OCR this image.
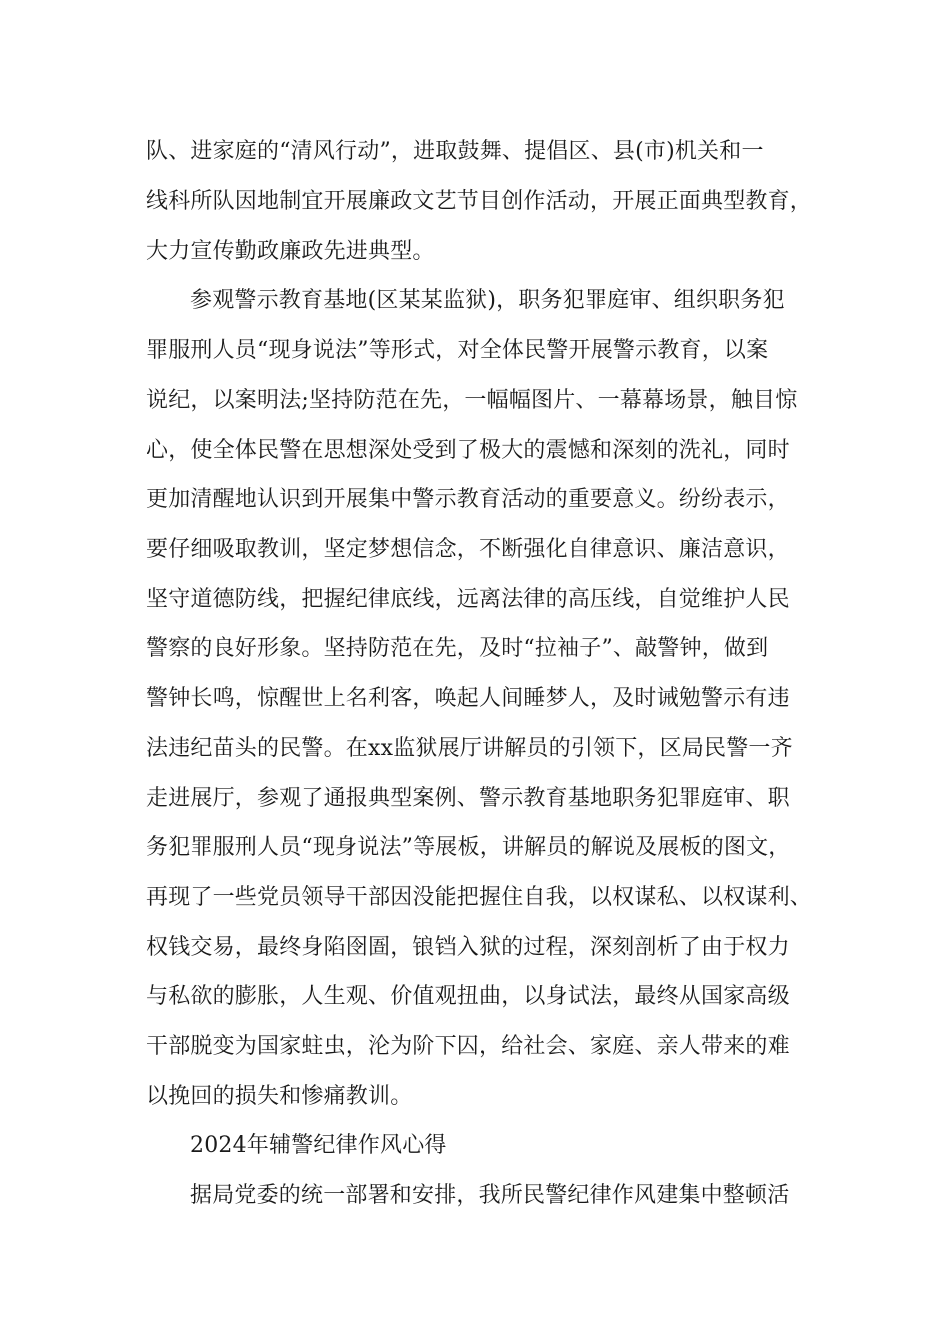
队、进家庭的“清风行动”，进取鼓舞、提倡区、县(市)机关和一
线科所队因地制宜开展廉政文艺节目创作活动，开展正面典型教育，
大力宣传勤政廉政先进典型。
参观警示教育基地(区某某监狱)，职务犯罪庭审、组织职务犯
罪服刑人员“现身说法”等形式，对全体民警开展警示教育，以案
说纪，以案明法;坚持防范在先，一幅幅图片、一幕幕场景，触目惊
心，使全体民警在思想深处受到了极大的震憾和深刻的洗礼，同时
更加清醒地认识到开展集中警示教育活动的重要意义。纷纷表示，
要仔细吸取教训，坚定梦想信念，不断强化自律意识、廉洁意识，
坚守道德防线，把握纪律底线，远离法律的高压线，自觉维护人民
警察的良好形象。坚持防范在先，及时“拉袖子”、敲警钟，做到
警钟长鸣，惊醒世上名利客，唤起人间睡梦人，及时诫勉警示有违
法违纪苗头的民警。在xx监狱展厅讲解员的引领下，区局民警一齐
走进展厅，参观了通报典型案例、警示教育基地职务犯罪庭审、职
务犯罪服刑人员“现身说法”等展板，讲解员的解说及展板的图文，
再现了一些党员领导干部因没能把握住自我，以权谋私、以权谋利、
权钱交易，最终身陷囹圄，锒铛入狱的过程，深刻剖析了由于权力
与私欲的膨胀，人生观、价值观扭曲，以身试法，最终从国家高级
干部脱变为国家蛀虫，沦为阶下囚，给社会、家庭、亲人带来的难
以挽回的损失和惨痛教训。
2024年辅警纪律作风心得
据局党委的统一部署和安排，我所民警纪律作风建集中整顿活
